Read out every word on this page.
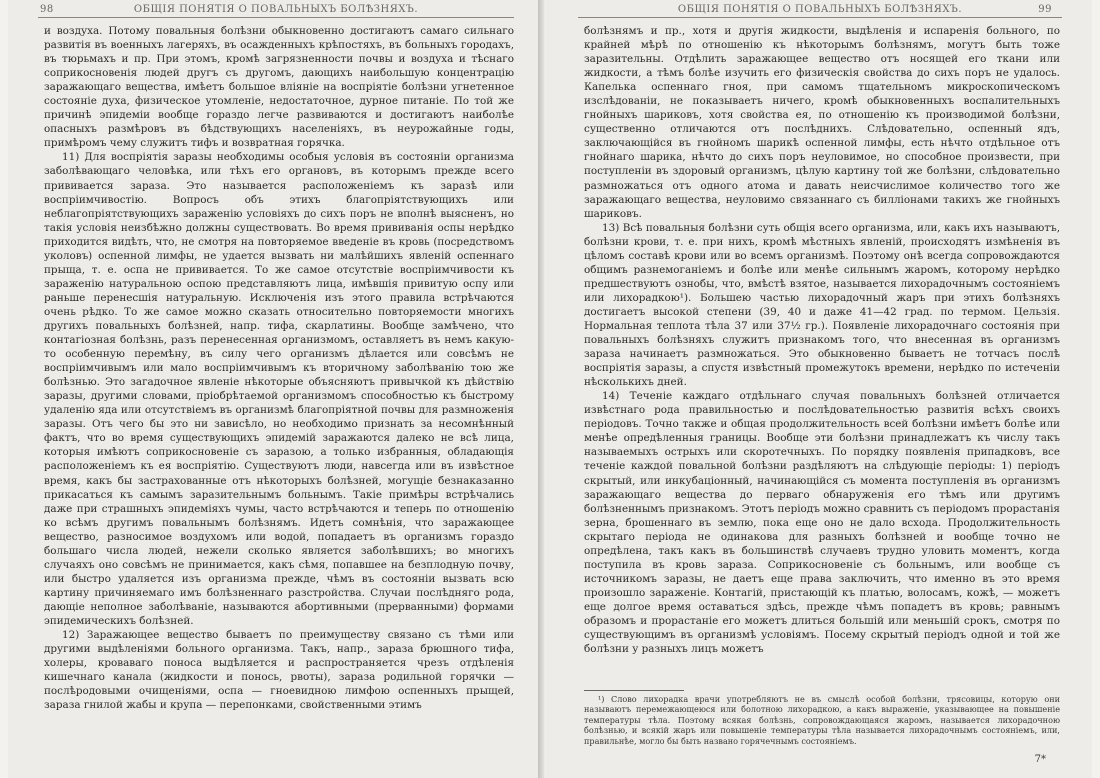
98	ОБЩІЯ ПОНЯТІЯ О ПОВАЛЬНЫХЪ БОЛѢЗНЯХЪ.

и воздуха. Потому повальныя болѣзни обыкновенно достигаютъ самаго сильнаго развитія въ военныхъ лагеряхъ, въ осажденныхъ крѣпостяхъ, въ больныхъ городахъ, въ тюрьмахъ и пр. При этомъ, кромѣ загрязненности почвы и воздуха и тѣснаго соприкосновенія людей другъ съ другомъ, дающихъ наибольшую концентрацію заражающаго вещества, имѣетъ большое вліяніе на воспріятіе болѣзни угнетенное состояніе духа, физическое утомленіе, недостаточное, дурное питаніе. По той же причинѣ эпидеміи вообще гораздо легче развиваются и достигаютъ наиболѣе опасныхъ размѣровъ въ бѣдствующихъ населеніяхъ, въ неурожайные годы, примѣромъ чему служитъ тифъ и возвратная горячка.

11) Для воспріятія заразы необходимы особыя условія въ состояніи организма заболѣвающаго человѣка, или тѣхъ его органовъ, въ которымъ прежде всего прививается зараза. Это называется расположеніемъ къ заразѣ или воспріимчивостію. Вопросъ объ этихъ благопріятствующихъ или неблагопріятствующихъ зараженію условіяхъ до сихъ поръ не вполнѣ выясненъ, но такія условія неизбѣжно должны существовать. Во время прививанія оспы нерѣдко приходится видѣть, что, не смотря на повторяемое введеніе въ кровь (посредствомъ уколовъ) оспенной лимфы, не удается вызвать ни малѣйшихъ явленій оспеннаго прыща, т. е. оспа не прививается. То же самое отсутствіе воспріимчивости къ зараженію натуральною оспою представляютъ лица, имѣвшія привитую оспу или раньше перенесшія натуральную. Исключенія изъ этого правила встрѣчаются очень рѣдко. То же самое можно сказать относительно повторяемости многихъ другихъ повальныхъ болѣзней, напр. тифа, скарлатины. Вообще замѣчено, что контагіозная болѣзнь, разъ перенесенная организмомъ, оставляетъ въ немъ какую-то особенную перемѣну, въ силу чего организмъ дѣлается или совсѣмъ не воспріимчивымъ или мало воспріимчивымъ къ вторичному заболѣванію тою же болѣзнью. Это загадочное явленіе нѣкоторые объясняютъ привычкой къ дѣйствію заразы, другими словами, пріобрѣтаемой организмомъ способностью къ быстрому удаленію яда или отсутствіемъ въ организмѣ благопріятной почвы для размноженія заразы. Отъ чего бы это ни зависѣло, но необходимо признать за несомнѣнный фактъ, что во время существующихъ эпидемій заражаются далеко не всѣ лица, которыя имѣютъ соприкосновеніе съ заразою, а только избранныя, обладающія расположеніемъ къ ея воспріятію. Существуютъ люди, навсегда или въ извѣстное время, какъ бы застрахованные отъ нѣкоторыхъ болѣзней, могущіе безнаказанно прикасаться къ самымъ заразительнымъ больнымъ. Такіе примѣры встрѣчались даже при страшныхъ эпидеміяхъ чумы, часто встрѣчаются и теперь по отношенію ко всѣмъ другимъ повальнымъ болѣзнямъ. Идетъ сомнѣнія, что заражающее вещество, разносимое воздухомъ или водой, попадаетъ въ организмъ гораздо большаго числа людей, нежели сколько является заболѣвшихъ; во многихъ случаяхъ оно совсѣмъ не принимается, какъ сѣмя, попавшее на безплодную почву, или быстро удаляется изъ организма прежде, чѣмъ въ состояніи вызвать всю картину причиняемаго имъ болѣзненнаго разстройства. Случаи послѣдняго рода, дающіе неполное заболѣваніе, называются абортивными (прерванными) формами эпидемическихъ болѣзней.

12) Заражающее вещество бываетъ по преимуществу связано съ тѣми или другими выдѣленіями больного организма. Такъ, напр., зараза брюшного тифа, холеры, кроваваго поноса выдѣляется и распространяется чрезъ отдѣленія кишечнаго канала (жидкости и понось, рвоты), зараза родильной горячки — послѣродовыми очищеніями, оспа — гноевидною лимфою оспенныхъ прыщей, зараза гнилой жабы и крупа — перепонками, свойственными этимъ

ОБЩІЯ ПОНЯТІЯ О ПОВАЛЬНЫХЪ БОЛѢЗНЯХЪ.	99

болѣзнямъ и пр., хотя и другія жидкости, выдѣленія и испаренія больного, по крайней мѣрѣ по отношенію къ нѣкоторымъ болѣзнямъ, могутъ быть тоже заразительны. Отдѣлить заражающее вещество отъ носящей его ткани или жидкости, а тѣмъ болѣе изучить его физическія свойства до сихъ поръ не удалось. Капелька оспеннаго гноя, при самомъ тщательномъ микроскопическомъ изслѣдованіи, не показываетъ ничего, кромѣ обыкновенныхъ воспалительныхъ гнойныхъ шариковъ, хотя свойства ея, по отношенію къ производимой болѣзни, существенно отличаются отъ послѣднихъ. Слѣдовательно, оспенный ядъ, заключающійся въ гнойномъ шарикѣ оспенной лимфы, есть нѣчто отдѣльное отъ гнойнаго шарика, нѣчто до сихъ поръ неуловимое, но способное произвести, при поступленіи въ здоровый организмъ, цѣлую картину той же болѣзни, слѣдовательно размножаться отъ одного атома и давать неисчислимое количество того же заражающаго вещества, неуловимо связаннаго съ биллiонами такихъ же гнойныхъ шариковъ.

13) Всѣ повальныя болѣзни суть общія всего организма, или, какъ ихъ называютъ, болѣзни крови, т. е. при нихъ, кромѣ мѣстныхъ явленій, происходятъ измѣненія въ цѣломъ составѣ крови или во всемъ организмѣ. Поэтому онѣ всегда сопровождаются общимъ разнемоганіемъ и болѣе или менѣе сильнымъ жаромъ, которому нерѣдко предшествуютъ ознобы, что, вмѣстѣ взятое, называется лихорадочнымъ состояніемъ или лихорадкою¹). Большею частью лихорадочный жаръ при этихъ болѣзняхъ достигаетъ высокой степени (39, 40 и даже 41—42 град. по термом. Цельзія. Нормальная теплота тѣла 37 или 37½ гр.). Появленіе лихорадочнаго состоянія при повальныхъ болѣзняхъ служитъ признакомъ того, что внесенная въ организмъ зараза начинаетъ размножаться. Это обыкновенно бываетъ не тотчасъ послѣ воспріятія заразы, а спустя извѣстный промежутокъ времени, нерѣдко по истеченіи нѣсколькихъ дней.

14) Теченіе каждаго отдѣльнаго случая повальныхъ болѣзней отличается извѣстнаго рода правильностью и послѣдовательностью развитія всѣхъ своихъ періодовъ. Точно также и общая продолжительность всей болѣзни имѣетъ болѣе или менѣе опредѣленныя границы. Вообще эти болѣзни принадлежатъ къ числу такъ называемыхъ острыхъ или скоротечныхъ. По порядку появленія припадковъ, все теченіе каждой повальной болѣзни раздѣляютъ на слѣдующіе періоды: 1) періодъ скрытый, или инкубаціонный, начинающійся съ момента поступленія въ организмъ заражающаго вещества до перваго обнаруженія его тѣмъ или другимъ болѣзненнымъ признакомъ. Этотъ періодъ можно сравнить съ періодомъ прорастанія зерна, брошеннаго въ землю, пока еще оно не дало всхода. Продолжительность скрытаго періода не одинакова для разныхъ болѣзней и вообще точно не опредѣлена, такъ какъ въ большинствѣ случаевъ трудно уловить моментъ, когда поступила въ кровь зараза. Соприкосновеніе съ больнымъ, или вообще съ источникомъ заразы, не даетъ еще права заключить, что именно въ это время произошло зараженіе. Контагій, пристающій къ платью, волосамъ, кожѣ, — можетъ еще долгое время оставаться здѣсь, прежде чѣмъ попадетъ въ кровь; равнымъ образомъ и прорастаніе его можетъ длиться большій или меньшій срокъ, смотря по существующимъ въ организмѣ условіямъ. Посему скрытый періодъ одной и той же болѣзни у разныхъ лицъ можетъ

¹) Слово лихорадка врачи употребляютъ не въ смыслѣ особой болѣзни, трясовицы, которую они называютъ перемежающеюся или болотною лихорадкою, а какъ выраженіе, указывающее на повышеніе температуры тѣла. Поэтому всякая болѣзнь, сопровождающаяся жаромъ, называется лихорадочною болѣзнью, и всякій жаръ или повышеніе температуры тѣла называется лихорадочнымъ состояніемъ, или, правильнѣе, могло бы быть названо горячечнымъ состояніемъ.

7*
